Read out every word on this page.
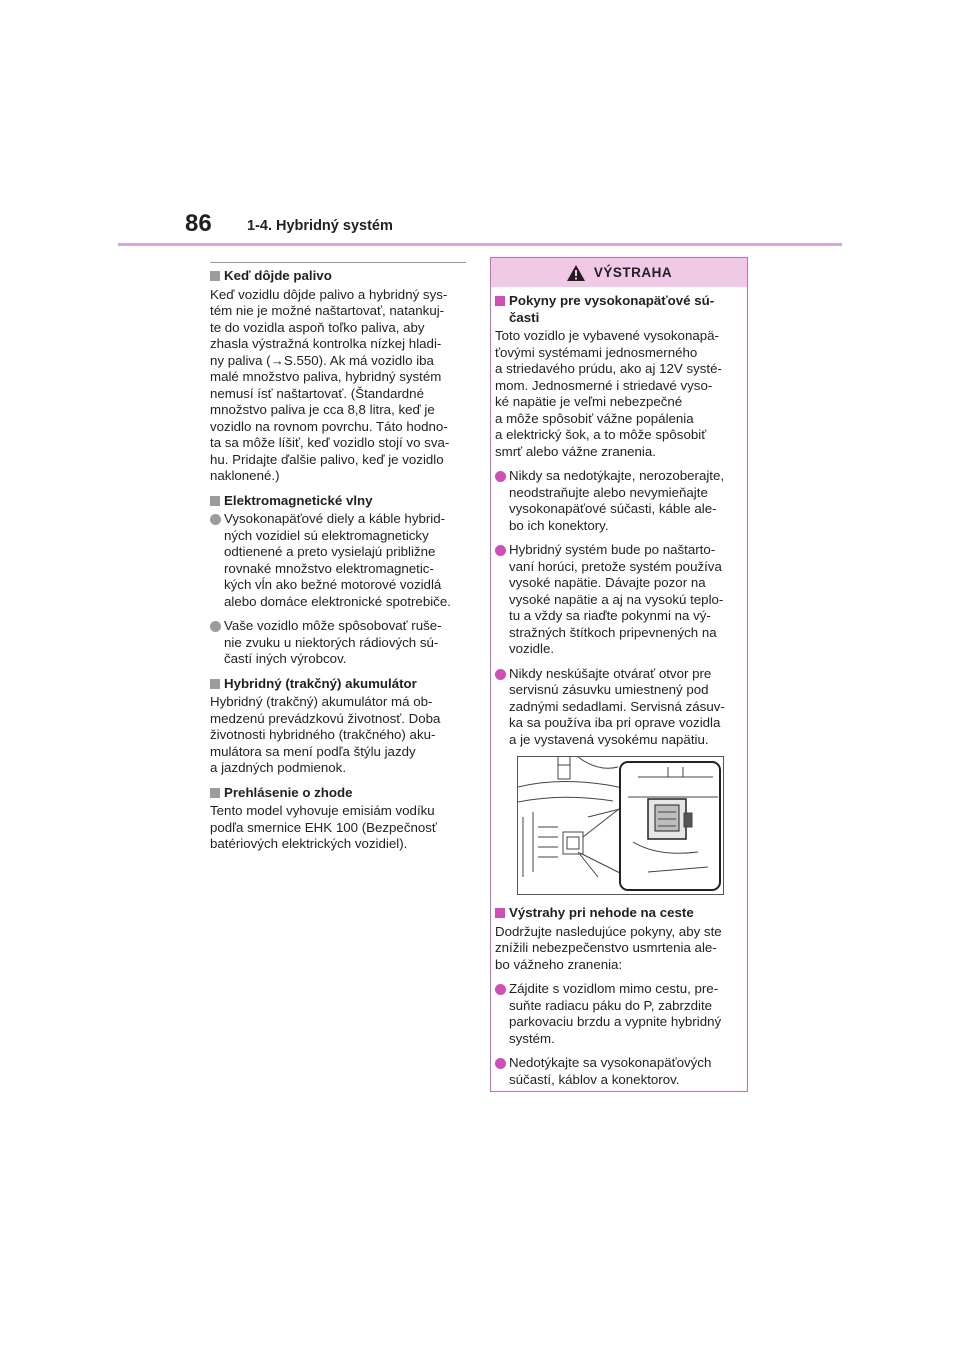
86 1-4. Hybridný systém
Keď dôjde palivo
Keď vozidlu dôjde palivo a hybridný sys-
tém nie je možné naštartovať, natankuj-
te do vozidla aspoň toľko paliva, aby
zhasla výstražná kontrolka nízkej hladi-
ny paliva (→S.550). Ak má vozidlo iba
malé množstvo paliva, hybridný systém
nemusí ísť naštartovať. (Štandardné
množstvo paliva je cca 8,8 litra, keď je
vozidlo na rovnom povrchu. Táto hodno-
ta sa môže líšiť, keď vozidlo stojí vo sva-
hu. Pridajte ďalšie palivo, keď je vozidlo
naklonené.)
Elektromagnetické vlny
Vysokonapäťové diely a káble hybrid-
ných vozidiel sú elektromagneticky
odtienené a preto vysielajú približne
rovnaké množstvo elektromagnetic-
kých vĺn ako bežné motorové vozidlá
alebo domáce elektronické spotrebiče.
Vaše vozidlo môže spôsobovať ruše-
nie zvuku u niektorých rádiových sú-
častí iných výrobcov.
Hybridný (trakčný) akumulátor
Hybridný (trakčný) akumulátor má ob-
medzenú prevádzkovú životnosť. Doba
životnosti hybridného (trakčného) aku-
mulátora sa mení podľa štýlu jazdy
a jazdných podmienok.
Prehlásenie o zhode
Tento model vyhovuje emisiám vodíku
podľa smernice EHK 100 (Bezpečnosť
batériových elektrických vozidiel).
VÝSTRAHA
Pokyny pre vysokonapäťové sú-
časti
Toto vozidlo je vybavené vysokonapä-
ťovými systémami jednosmerného
a striedavého prúdu, ako aj 12V systé-
mom. Jednosmerné i striedavé vyso-
ké napätie je veľmi nebezpečné
a môže spôsobiť vážne popálenia
a elektrický šok, a to môže spôsobiť
smrť alebo vážne zranenia.
Nikdy sa nedotýkajte, nerozoberajte,
neodstraňujte alebo nevymieňajte
vysokonapäťové súčasti, káble ale-
bo ich konektory.
Hybridný systém bude po naštarto-
vaní horúci, pretože systém používa
vysoké napätie. Dávajte pozor na
vysoké napätie a aj na vysokú teplo-
tu a vždy sa riaďte pokynmi na vý-
stražných štítkoch pripevnených na
vozidle.
Nikdy neskúšajte otvárať otvor pre
servisnú zásuvku umiestnený pod
zadnými sedadlami. Servisná zásuv-
ka sa používa iba pri oprave vozidla
a je vystavená vysokému napätiu.
Výstrahy pri nehode na ceste
Dodržujte nasledujúce pokyny, aby ste
znížili nebezpečenstvo usmrtenia ale-
bo vážneho zranenia:
Zájdite s vozidlom mimo cestu, pre-
suňte radiacu páku do P, zabrzdite
parkovaciu brzdu a vypnite hybridný
systém.
Nedotýkajte sa vysokonapäťových
súčastí, káblov a konektorov.
